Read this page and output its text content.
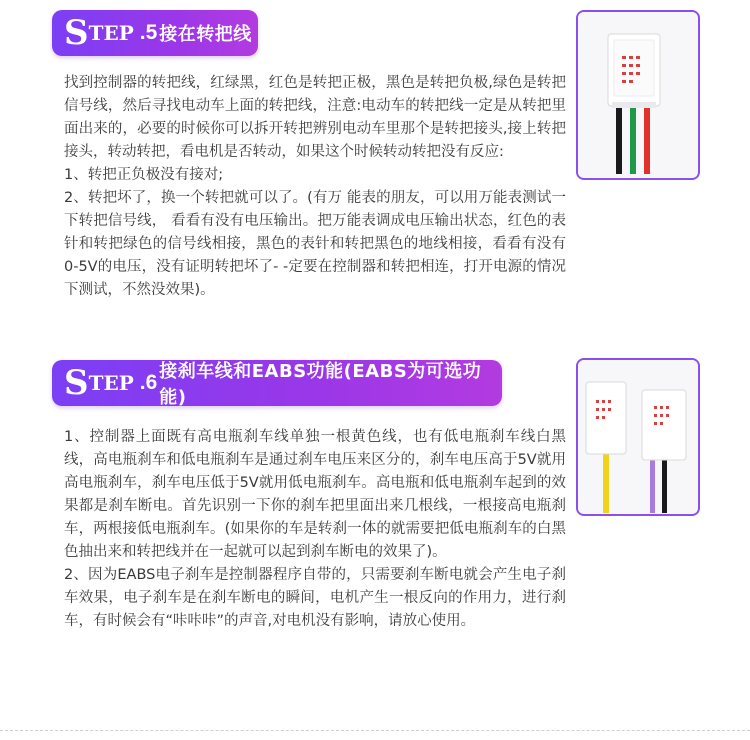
S TEP .5 接在转把线

找到控制器的转把线，红绿黑，红色是转把正极，黑色是转把负极,绿色是转把信号线，然后寻找电动车上面的转把线，注意:电动车的转把线一定是从转把里面出来的，必要的时候你可以拆开转把辨别电动车里那个是转把接头,接上转把接头，转动转把，看电机是否转动，如果这个时候转动转把没有反应:

1、转把正负极没有接对;

2、转把坏了，换一个转把就可以了。(有万 能表的朋友，可以用万能表测试一下转把信号线， 看看有没有电压输出。把万能表调成电压输出状态，红色的表针和转把绿色的信号线相接，黑色的表针和转把黑色的地线相接，看看有没有0-5V的电压，没有证明转把坏了- -定要在控制器和转把相连，打开电源的情况下测试，不然没效果)。

S TEP .6 接刹车线和EABS功能(EABS为可选功能)

1、控制器上面既有高电瓶刹车线单独一根黄色线，也有低电瓶刹车线白黑线，高电瓶刹车和低电瓶刹车是通过刹车电压来区分的，刹车电压高于5V就用高电瓶刹车，刹车电压低于5V就用低电瓶刹车。高电瓶和低电瓶刹车起到的效果都是刹车断电。首先识别一下你的刹车把里面出来几根线，一根接高电瓶刹车，两根接低电瓶刹车。(如果你的车是转刹一体的就需要把低电瓶刹车的白黑色抽出来和转把线并在一起就可以起到刹车断电的效果了)。

2、因为EABS电子刹车是控制器程序自带的，只需要刹车断电就会产生电子刹车效果，电子刹车是在刹车断电的瞬间，电机产生一根反向的作用力，进行刹车，有时候会有“咔咔咔”的声音,对电机没有影响，请放心使用。
